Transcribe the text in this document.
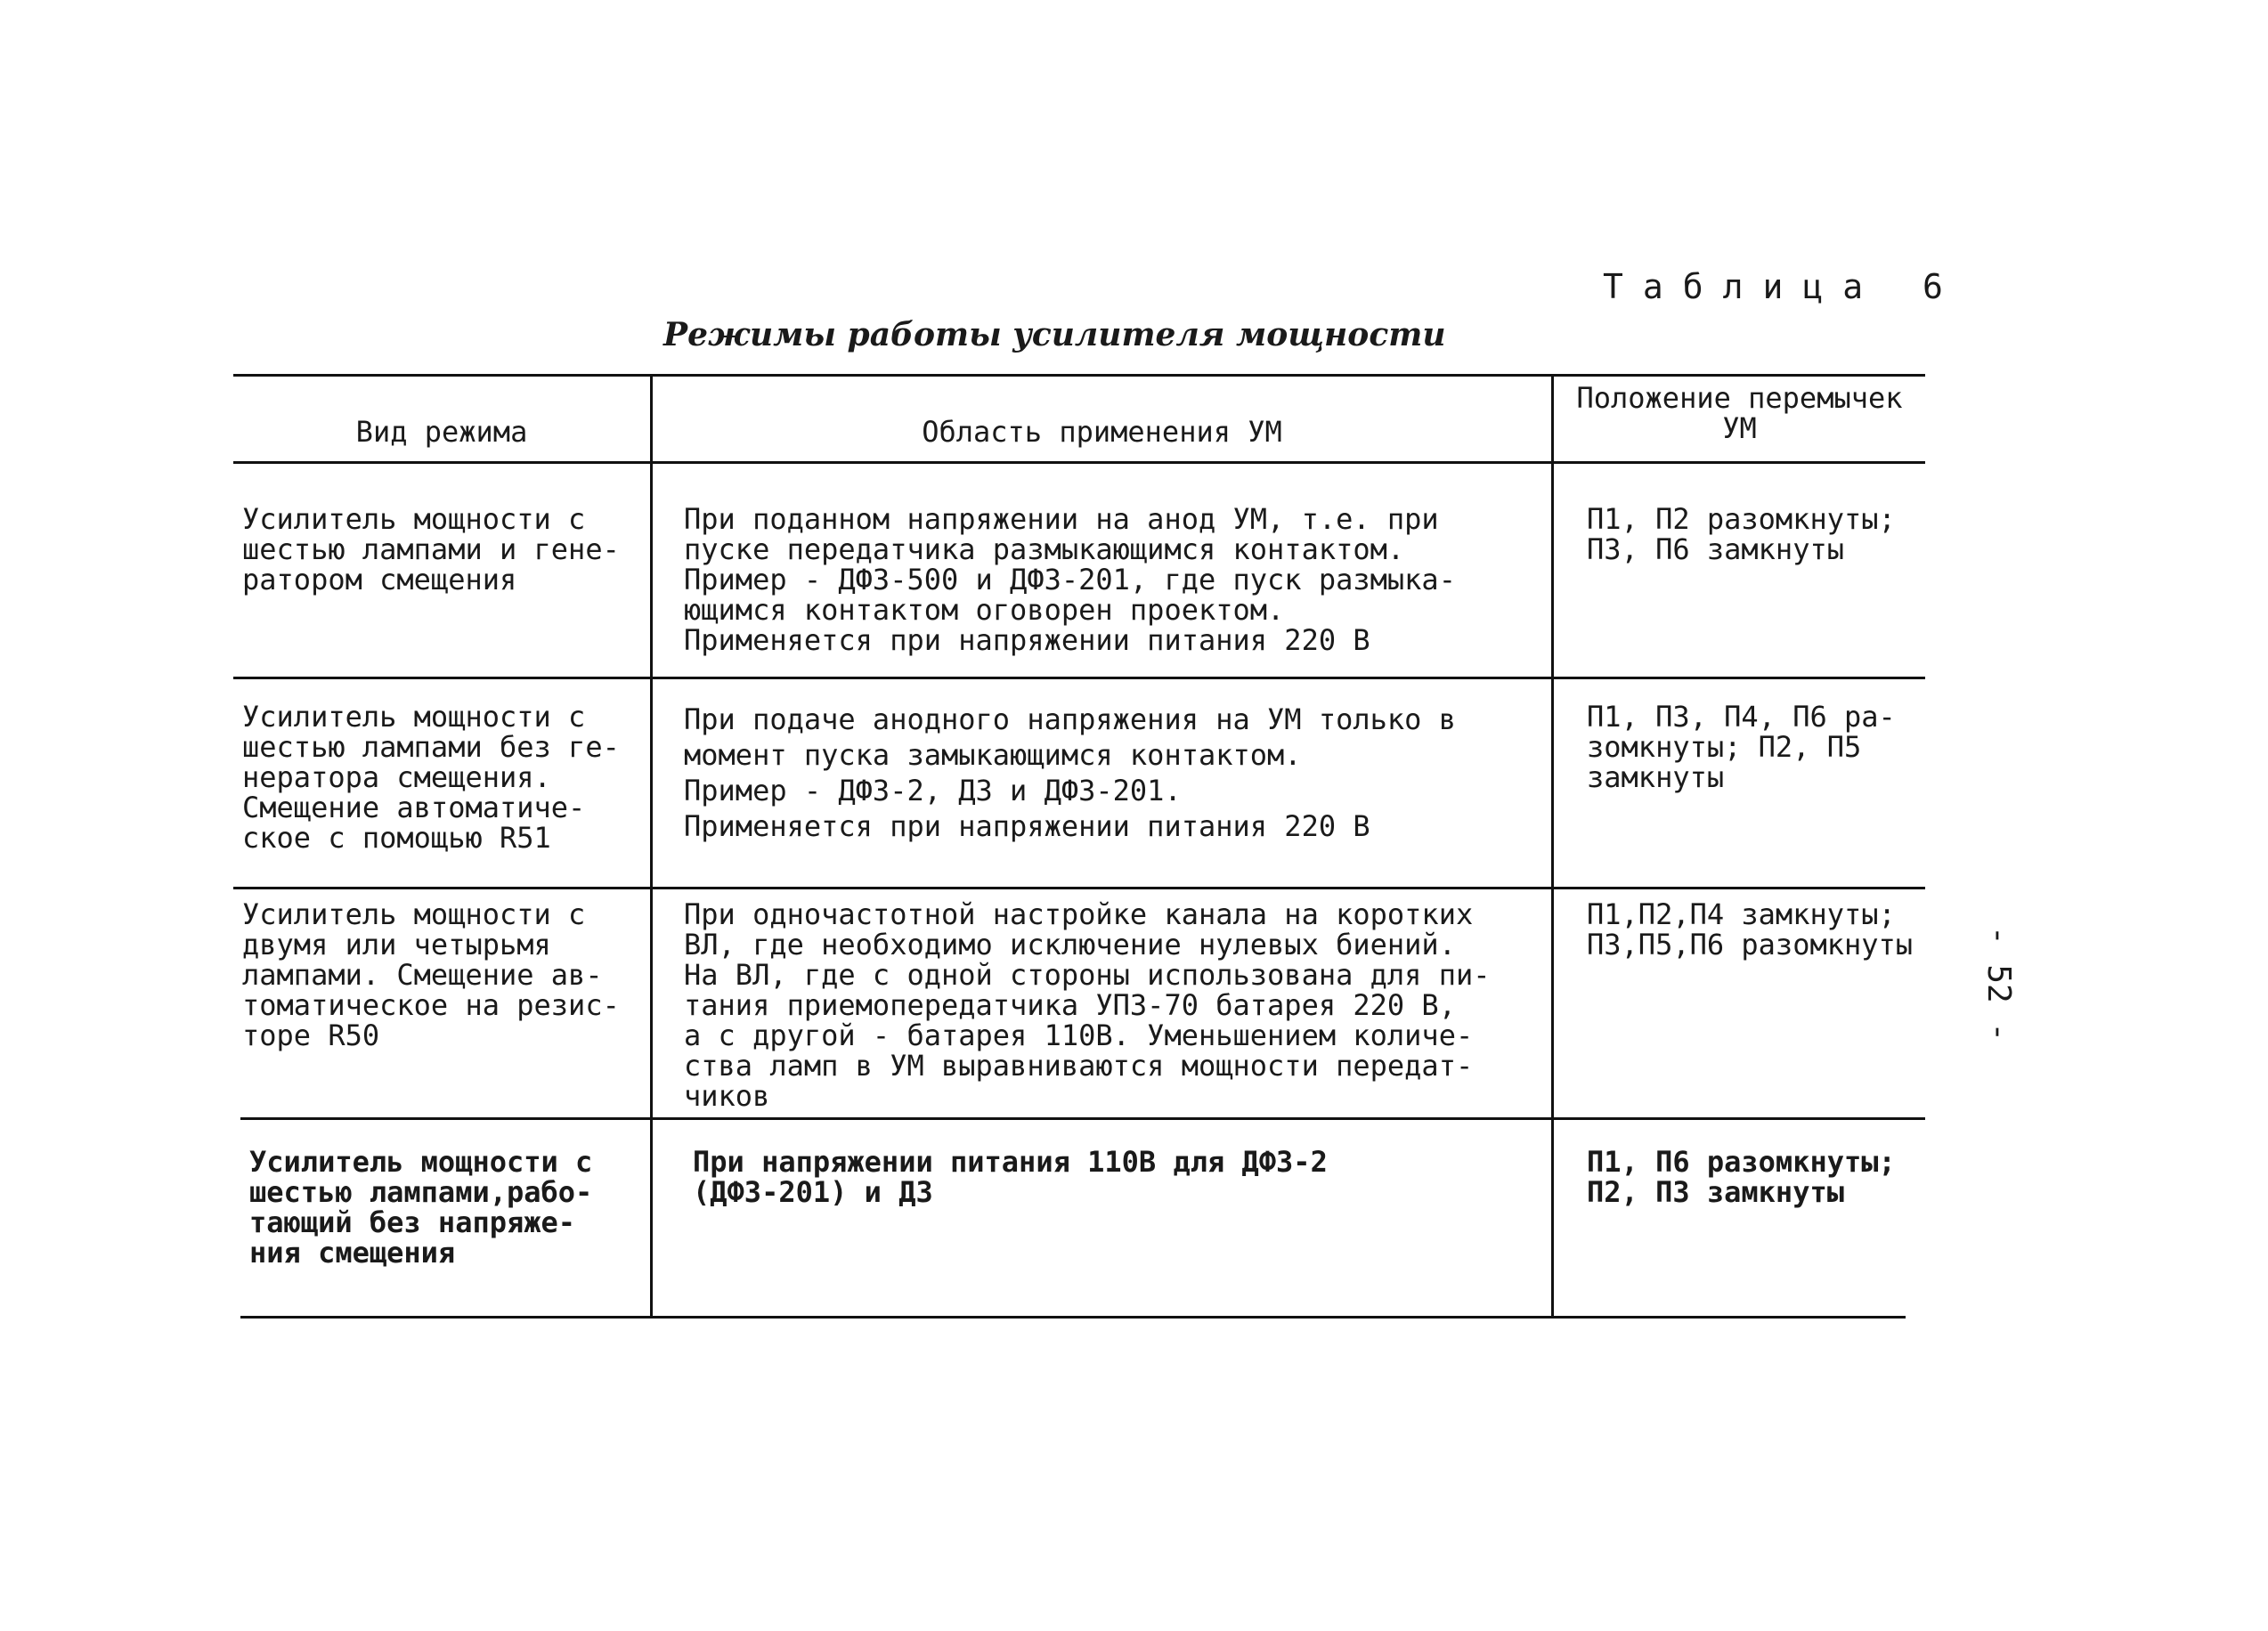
Таблица 6
Режимы работы усилителя мощности
- 52 -
Вид режима	Область применения УМ
Положение перемычек
УМ
Усилитель мощности с
шестью лампами и гене-
ратором смещения
При поданном напряжении на анод УМ, т.е. при
пуске передатчика размыкающимся контактом.
Пример - ДФЗ-500 и ДФЗ-201, где пуск размыка-
ющимся контактом оговорен проектом.
Применяется при напряжении питания 220 В
П1, П2 разомкнуты;
П3, П6 замкнуты
Усилитель мощности с
шестью лампами без ге-
нератора смещения.
Смещение автоматиче-
ское с помощью R51
При подаче анодного напряжения на УМ только в
момент пуска замыкающимся контактом.
Пример - ДФЗ-2, ДЗ и ДФЗ-201.
Применяется при напряжении питания 220 В
П1, П3, П4, П6 ра-
зомкнуты; П2, П5
замкнуты
Усилитель мощности с
двумя или четырьмя
лампами. Смещение ав-
томатическое на резис-
торе R50
При одночастотной настройке канала на коротких
ВЛ, где необходимо исключение нулевых биений.
На ВЛ, где с одной стороны использована для пи-
тания приемопередатчика УПЗ-70 батарея 220 В,
а с другой - батарея 110В. Уменьшением количе-
ства ламп в УМ выравниваются мощности передат-
чиков
П1,П2,П4 замкнуты;
П3,П5,П6 разомкнуты
Усилитель мощности с
шестью лампами,рабо-
тающий без напряже-
ния смещения
При напряжении питания 110В для ДФЗ-2
(ДФЗ-201) и ДЗ
П1, П6 разомкнуты;
П2, П3 замкнуты
